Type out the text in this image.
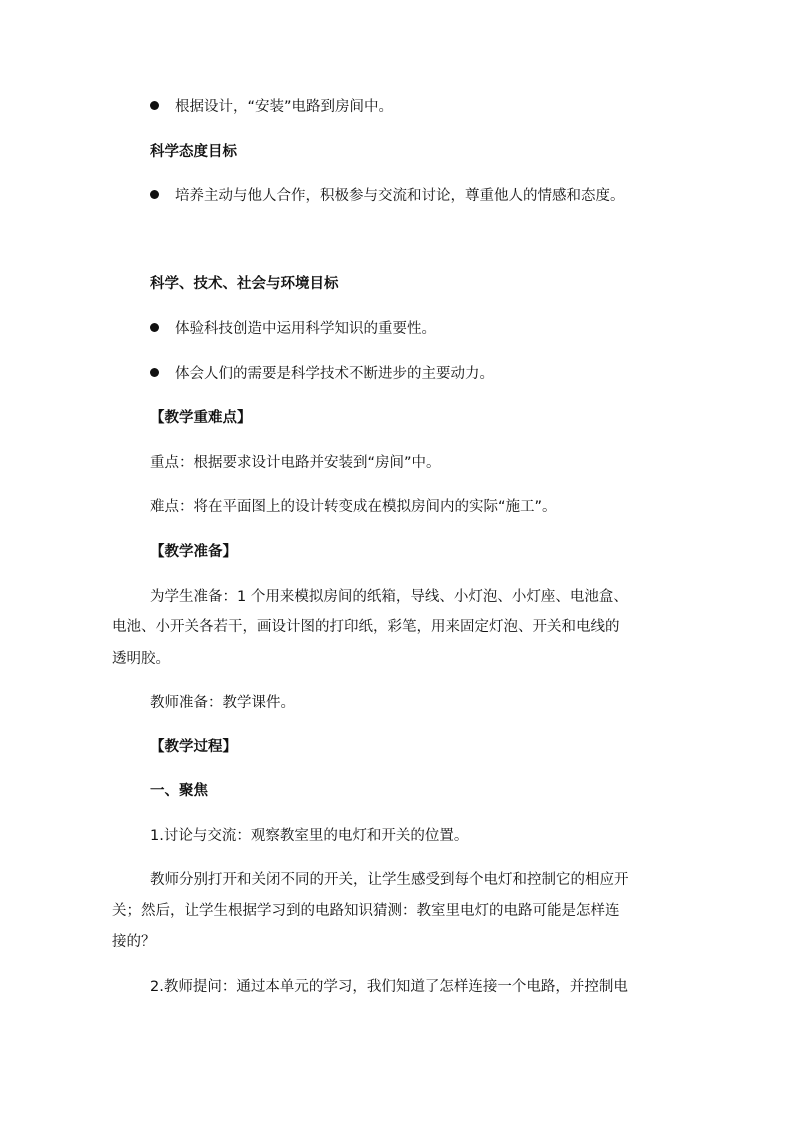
根据设计，“安装”电路到房间中。
科学态度目标
培养主动与他人合作，积极参与交流和讨论，尊重他人的情感和态度。
科学、技术、社会与环境目标
体验科技创造中运用科学知识的重要性。
体会人们的需要是科学技术不断进步的主要动力。
【教学重难点】
重点：根据要求设计电路并安装到“房间”中。
难点：将在平面图上的设计转变成在模拟房间内的实际“施工”。
【教学准备】
为学生准备：1 个用来模拟房间的纸箱，导线、小灯泡、小灯座、电池盒、
电池、小开关各若干，画设计图的打印纸，彩笔，用来固定灯泡、开关和电线的
透明胶。
教师准备：教学课件。
【教学过程】
一、聚焦
1.讨论与交流：观察教室里的电灯和开关的位置。
教师分别打开和关闭不同的开关，让学生感受到每个电灯和控制它的相应开
关；然后，让学生根据学习到的电路知识猜测：教室里电灯的电路可能是怎样连
接的？
2.教师提问：通过本单元的学习，我们知道了怎样连接一个电路，并控制电
